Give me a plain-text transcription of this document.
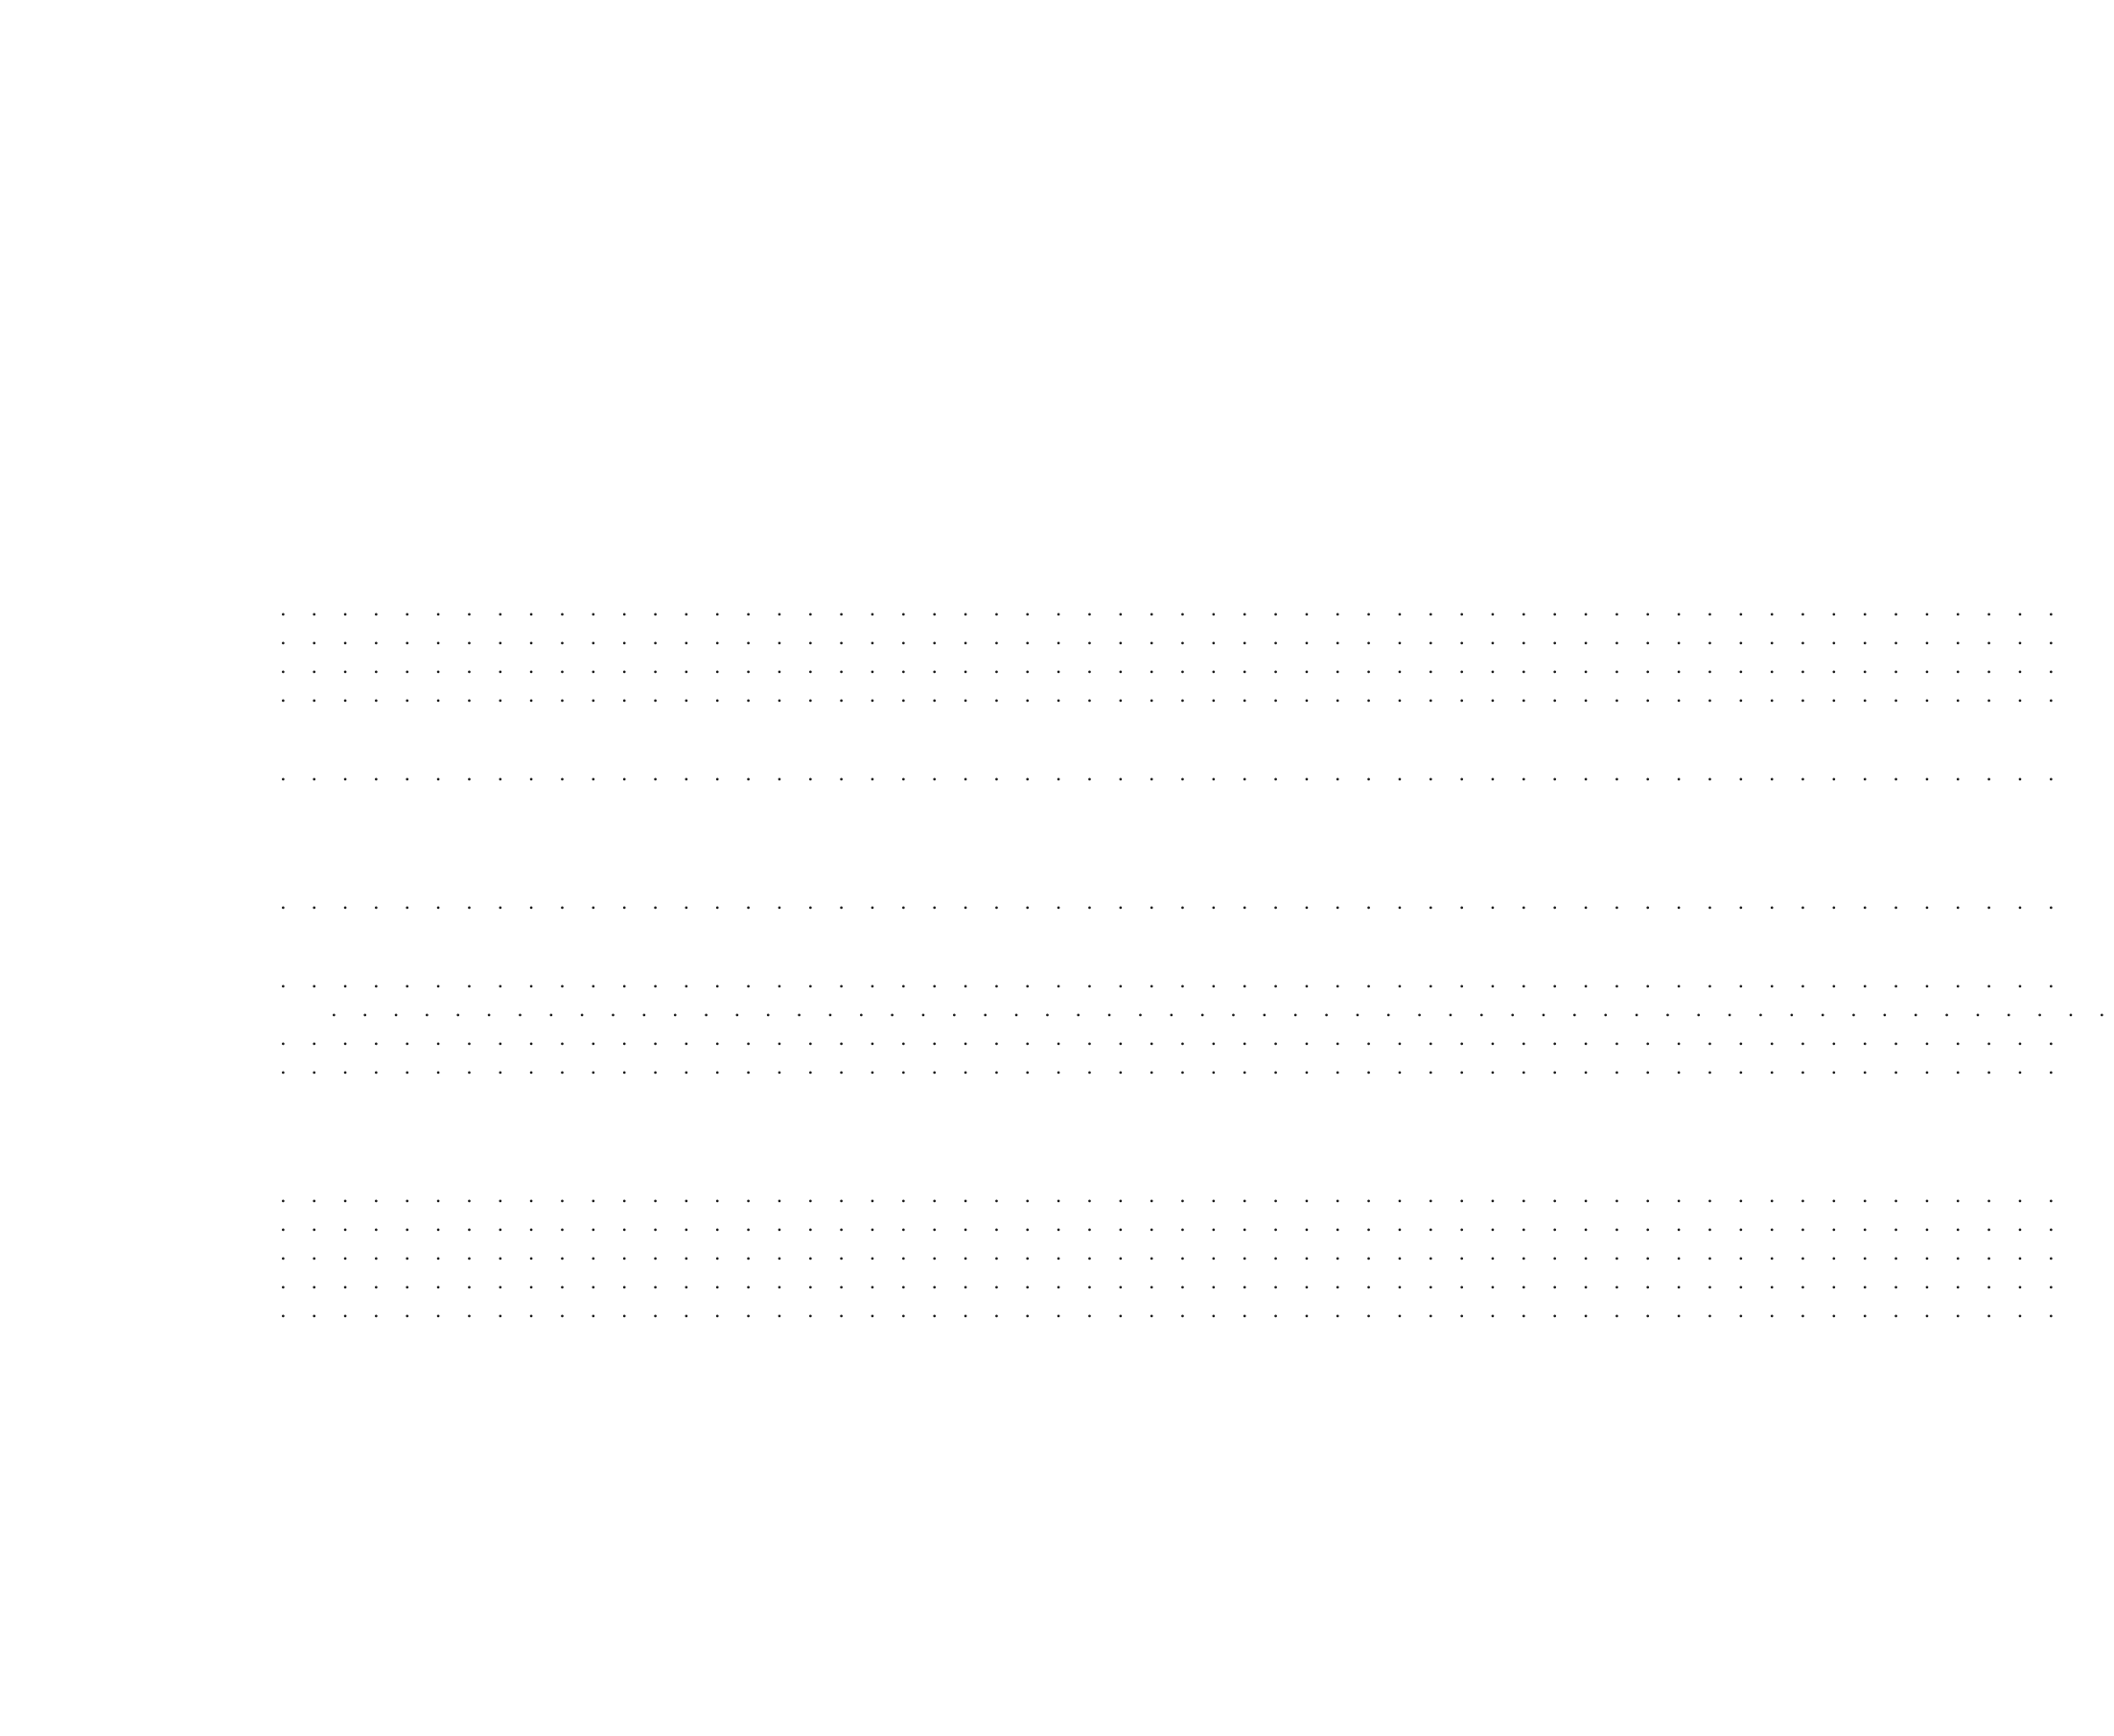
. . . . . . . . . . . . . . . . . . . . . . . . . . . . . . . . . . . . . . . . . . . . . . . . . . . . . . . . . .
. . . . . . . . . . . . . . . . . . . . . . . . . . . . . . . . . . . . . . . . . . . . . . . . . . . . . . . . . .
. . . . . . . . . . . . . . . . . . . . . . . . . . . . . . . . . . . . . . . . . . . . . . . . . . . . . . . . . .
. . . . . . . . . . . . . . . . . . . . . . . . . . . . . . . . . . . . . . . . . . . . . . . . . . . . . . . . . .
. . . . . . . . . . . . . . . . . . . . . . . . . . . . . . . . . . . . . . . . . . . . . . . . . . . . . . . . . .
. . . . . . . . . . . . . . . . . . . . . . . . . . . . . . . . . . . . . . . . . . . . . . . . . . . . . . . . . .
. . . . . . . . . . . . . . . . . . . . . . . . . . . . . . . . . . . . . . . . . . . . . . . . . . . . . . . . . .
. . . . . . . . . . . . . . . . . . . . . . . . . . . . . . . . . . . . . . . . . . . . . . . . . . . . . . . . . .
. . . . . . . . . . . . . . . . . . . . . . . . . . . . . . . . . . . . . . . . . . . . . . . . . . . . . . . . . .
. . . . . . . . . . . . . . . . . . . . . . . . . . . . . . . . . . . . . . . . . . . . . . . . . . . . . . . . . .
. . . . . . . . . . . . . . . . . . . . . . . . . . . . . . . . . . . . . . . . . . . . . . . . . . . . . . . . . .
. . . . . . . . . . . . . . . . . . . . . . . . . . . . . . . . . . . . . . . . . . . . . . . . . . . . . . . . . .
. . . . . . . . . . . . . . . . . . . . . . . . . . . . . . . . . . . . . . . . . . . . . . . . . . . . . . . . . .
. . . . . . . . . . . . . . . . . . . . . . . . . . . . . . . . . . . . . . . . . . . . . . . . . . . . . . . . . .
. . . . . . . . . . . . . . . . . . . . . . . . . . . . . . . . . . . . . . . . . . . . . . . . . . . . . . . . . .
